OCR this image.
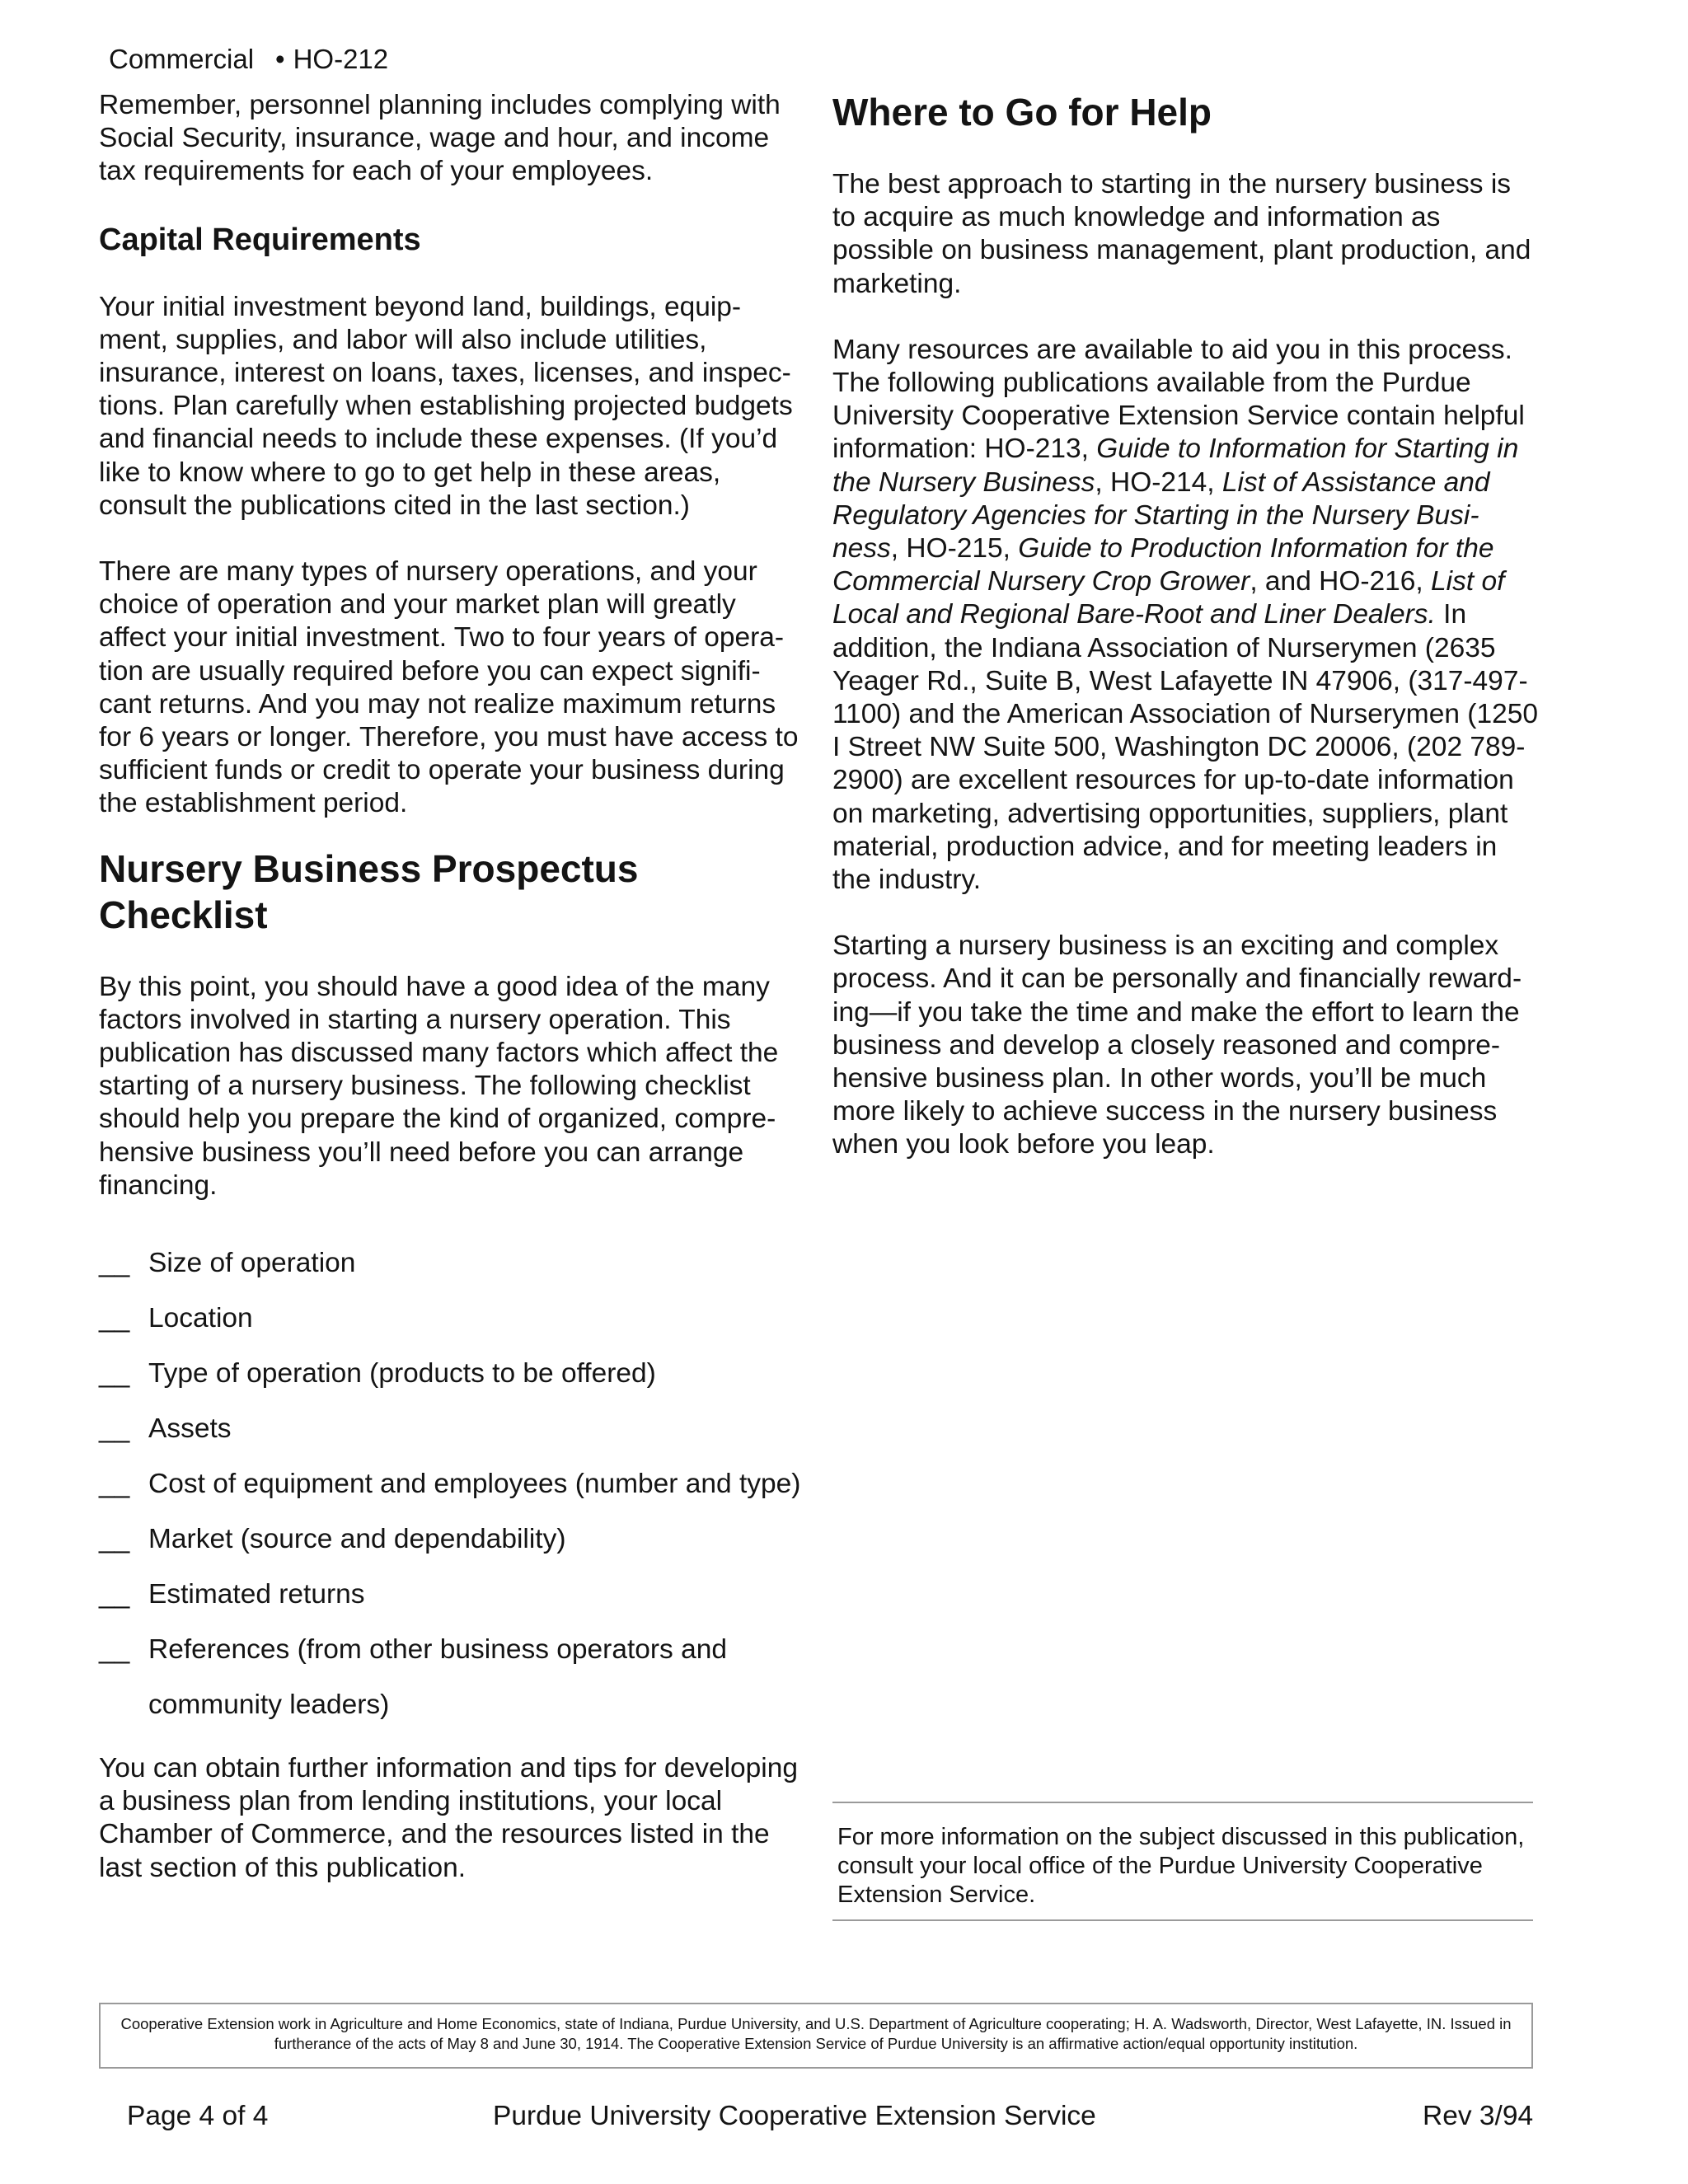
Commercial • HO-212

Remember, personnel planning includes complying with Social Security, insurance, wage and hour, and income tax requirements for each of your employees.

Capital Requirements

Your initial investment beyond land, buildings, equip-ment, supplies, and labor will also include utilities, insurance, interest on loans, taxes, licenses, and inspec-tions. Plan carefully when establishing projected budgets and financial needs to include these expenses. (If you’d like to know where to go to get help in these areas, consult the publications cited in the last section.)

There are many types of nursery operations, and your choice of operation and your market plan will greatly affect your initial investment. Two to four years of opera-tion are usually required before you can expect signifi-cant returns. And you may not realize maximum returns for 6 years or longer. Therefore, you must have access to sufficient funds or credit to operate your business during the establishment period.

Nursery Business Prospectus Checklist

By this point, you should have a good idea of the many factors involved in starting a nursery operation. This publication has discussed many factors which affect the starting of a nursery business. The following checklist should help you prepare the kind of organized, compre-hensive business you’ll need before you can arrange financing.

__ Size of operation
__ Location
__ Type of operation (products to be offered)
__ Assets
__ Cost of equipment and employees (number and type)
__ Market (source and dependability)
__ Estimated returns
__ References (from other business operators and community leaders)

You can obtain further information and tips for developing a business plan from lending institutions, your local Chamber of Commerce, and the resources listed in the last section of this publication.

Where to Go for Help

The best approach to starting in the nursery business is to acquire as much knowledge and information as possible on business management, plant production, and marketing.

Many resources are available to aid you in this process. The following publications available from the Purdue University Cooperative Extension Service contain helpful information: HO-213, Guide to Information for Starting in the Nursery Business, HO-214, List of Assistance and Regulatory Agencies for Starting in the Nursery Busi-ness, HO-215, Guide to Production Information for the Commercial Nursery Crop Grower, and HO-216, List of Local and Regional Bare-Root and Liner Dealers. In addition, the Indiana Association of Nurserymen (2635 Yeager Rd., Suite B, West Lafayette IN 47906, (317-497-1100) and the American Association of Nurserymen (1250 I Street NW Suite 500, Washington DC 20006, (202 789-2900) are excellent resources for up-to-date information on marketing, advertising opportunities, suppliers, plant material, production advice, and for meeting leaders in the industry.

Starting a nursery business is an exciting and complex process. And it can be personally and financially reward-ing—if you take the time and make the effort to learn the business and develop a closely reasoned and compre-hensive business plan. In other words, you’ll be much more likely to achieve success in the nursery business when you look before you leap.

For more information on the subject discussed in this publication, consult your local office of the Purdue University Cooperative Extension Service.

Cooperative Extension work in Agriculture and Home Economics, state of Indiana, Purdue University, and U.S. Department of Agriculture cooperating; H. A. Wadsworth, Director, West Lafayette, IN. Issued in furtherance of the acts of May 8 and June 30, 1914. The Cooperative Extension Service of Purdue University is an affirmative action/equal opportunity institution.

Page 4 of 4	Purdue University Cooperative Extension Service	Rev 3/94
